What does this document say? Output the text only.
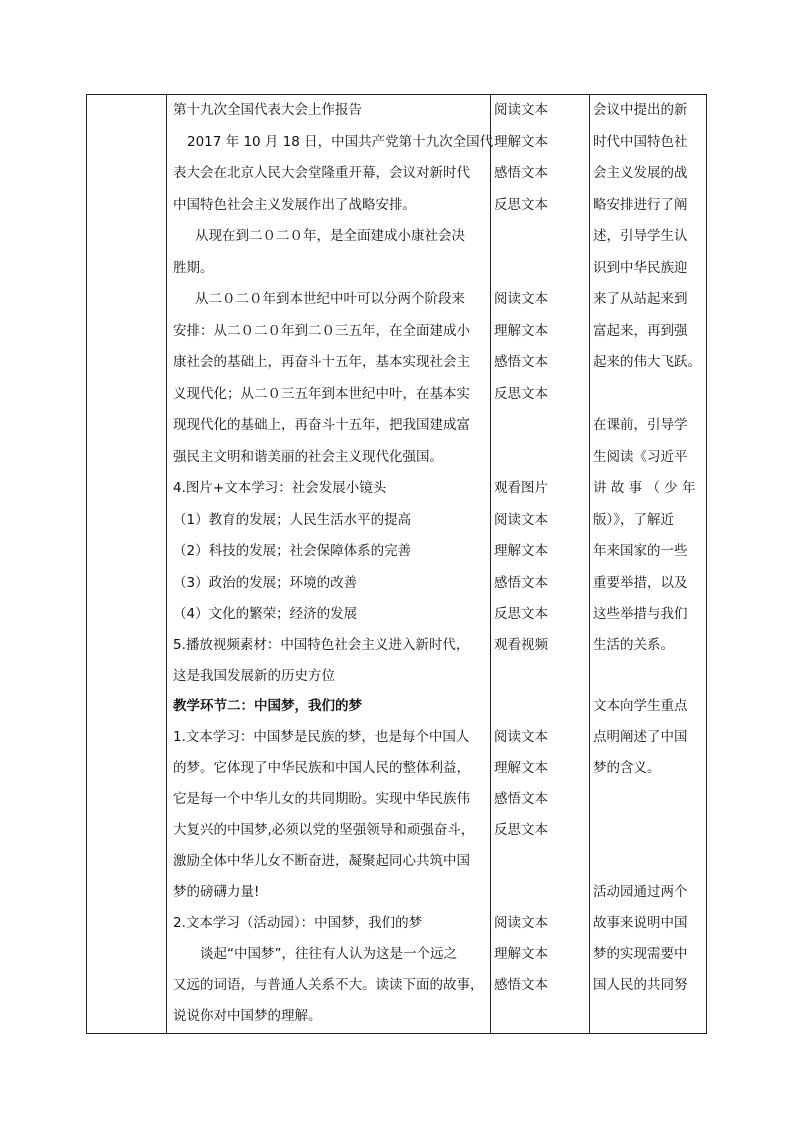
第十九次全国代表大会上作报告
2017 年 10 月 18 日，中国共产党第十九次全国代
表大会在北京人民大会堂隆重开幕，会议对新时代
中国特色社会主义发展作出了战略安排。
从现在到二０二０年，是全面建成小康社会决
胜期。
从二０二０年到本世纪中叶可以分两个阶段来
安排：从二０二０年到二０三五年，在全面建成小
康社会的基础上，再奋斗十五年，基本实现社会主
义现代化；从二０三五年到本世纪中叶，在基本实
现现代化的基础上，再奋斗十五年，把我国建成富
强民主文明和谐美丽的社会主义现代化强国。
4.图片+文本学习：社会发展小镜头
（1）教育的发展；人民生活水平的提高
（2）科技的发展；社会保障体系的完善
（3）政治的发展；环境的改善
（4）文化的繁荣；经济的发展
5.播放视频素材：中国特色社会主义进入新时代，
这是我国发展新的历史方位
教学环节二：中国梦，我们的梦
1.文本学习：中国梦是民族的梦，也是每个中国人
的梦。它体现了中华民族和中国人民的整体利益，
它是每一个中华儿女的共同期盼。实现中华民族伟
大复兴的中国梦,必须以党的坚强领导和顽强奋斗，
激励全体中华儿女不断奋进，凝聚起同心共筑中国
梦的磅礴力量!
2.文本学习（活动园）：中国梦，我们的梦
谈起“中国梦”，往往有人认为这是一个远之
又远的词语，与普通人关系不大。读读下面的故事，
说说你对中国梦的理解。
阅读文本
理解文本
感悟文本
反思文本
阅读文本
理解文本
感悟文本
反思文本
观看图片
阅读文本
理解文本
感悟文本
反思文本
观看视频
阅读文本
理解文本
感悟文本
反思文本
阅读文本
理解文本
感悟文本
会议中提出的新
时代中国特色社
会主义发展的战
略安排进行了阐
述，引导学生认
识到中华民族迎
来了从站起来到
富起来，再到强
起来的伟大飞跃。
在课前，引导学
生阅读《习近平
讲 故 事 （ 少 年
版）》，了解近
年来国家的一些
重要举措，以及
这些举措与我们
生活的关系。
文本向学生重点
点明阐述了中国
梦的含义。
活动园通过两个
故事来说明中国
梦的实现需要中
国人民的共同努
